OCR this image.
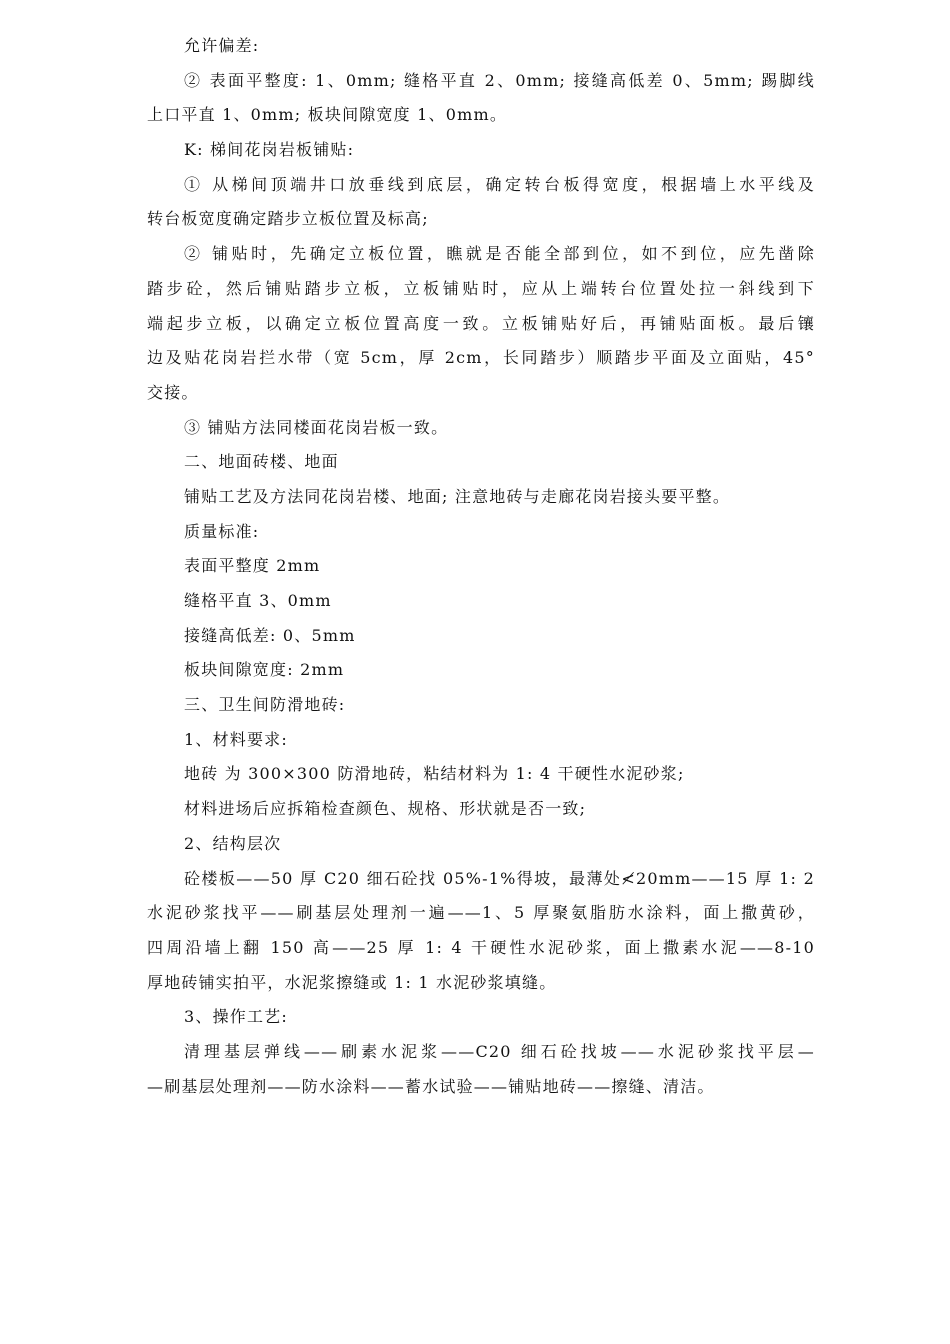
允许偏差:
② 表面平整度: 1、0mm; 缝格平直 2、0mm; 接缝高低差 0、5mm; 踢脚线
上口平直 1、0mm; 板块间隙宽度 1、0mm。
K: 梯间花岗岩板铺贴:
① 从梯间顶端井口放垂线到底层，确定转台板得宽度，根据墙上水平线及
转台板宽度确定踏步立板位置及标高;
② 铺贴时，先确定立板位置，瞧就是否能全部到位，如不到位，应先凿除
踏步砼，然后铺贴踏步立板，立板铺贴时，应从上端转台位置处拉一斜线到下
端起步立板，以确定立板位置高度一致。立板铺贴好后，再铺贴面板。最后镶
边及贴花岗岩拦水带（宽 5cm，厚 2cm，长同踏步）顺踏步平面及立面贴，45°
交接。
③ 铺贴方法同楼面花岗岩板一致。
二、地面砖楼、地面
铺贴工艺及方法同花岗岩楼、地面; 注意地砖与走廊花岗岩接头要平整。
质量标准:
表面平整度 2mm
缝格平直 3、0mm
接缝高低差: 0、5mm
板块间隙宽度: 2mm
三、卫生间防滑地砖:
1、材料要求:
地砖 为 300×300 防滑地砖，粘结材料为 1: 4 干硬性水泥砂浆;
材料进场后应拆箱检查颜色、规格、形状就是否一致;
2、结构层次
砼楼板——50 厚 C20 细石砼找 05%-1%得坡，最薄处≮20mm——15 厚 1: 2
水泥砂浆找平——刷基层处理剂一遍——1、5 厚聚氨脂肪水涂料，面上撒黄砂，
四周沿墙上翻 150 高——25 厚 1: 4 干硬性水泥砂浆，面上撒素水泥——8-10
厚地砖铺实拍平，水泥浆擦缝或 1: 1 水泥砂浆填缝。
3、操作工艺:
清理基层弹线——刷素水泥浆——C20 细石砼找坡——水泥砂浆找平层—
—刷基层处理剂——防水涂料——蓄水试验——铺贴地砖——擦缝、清洁。
